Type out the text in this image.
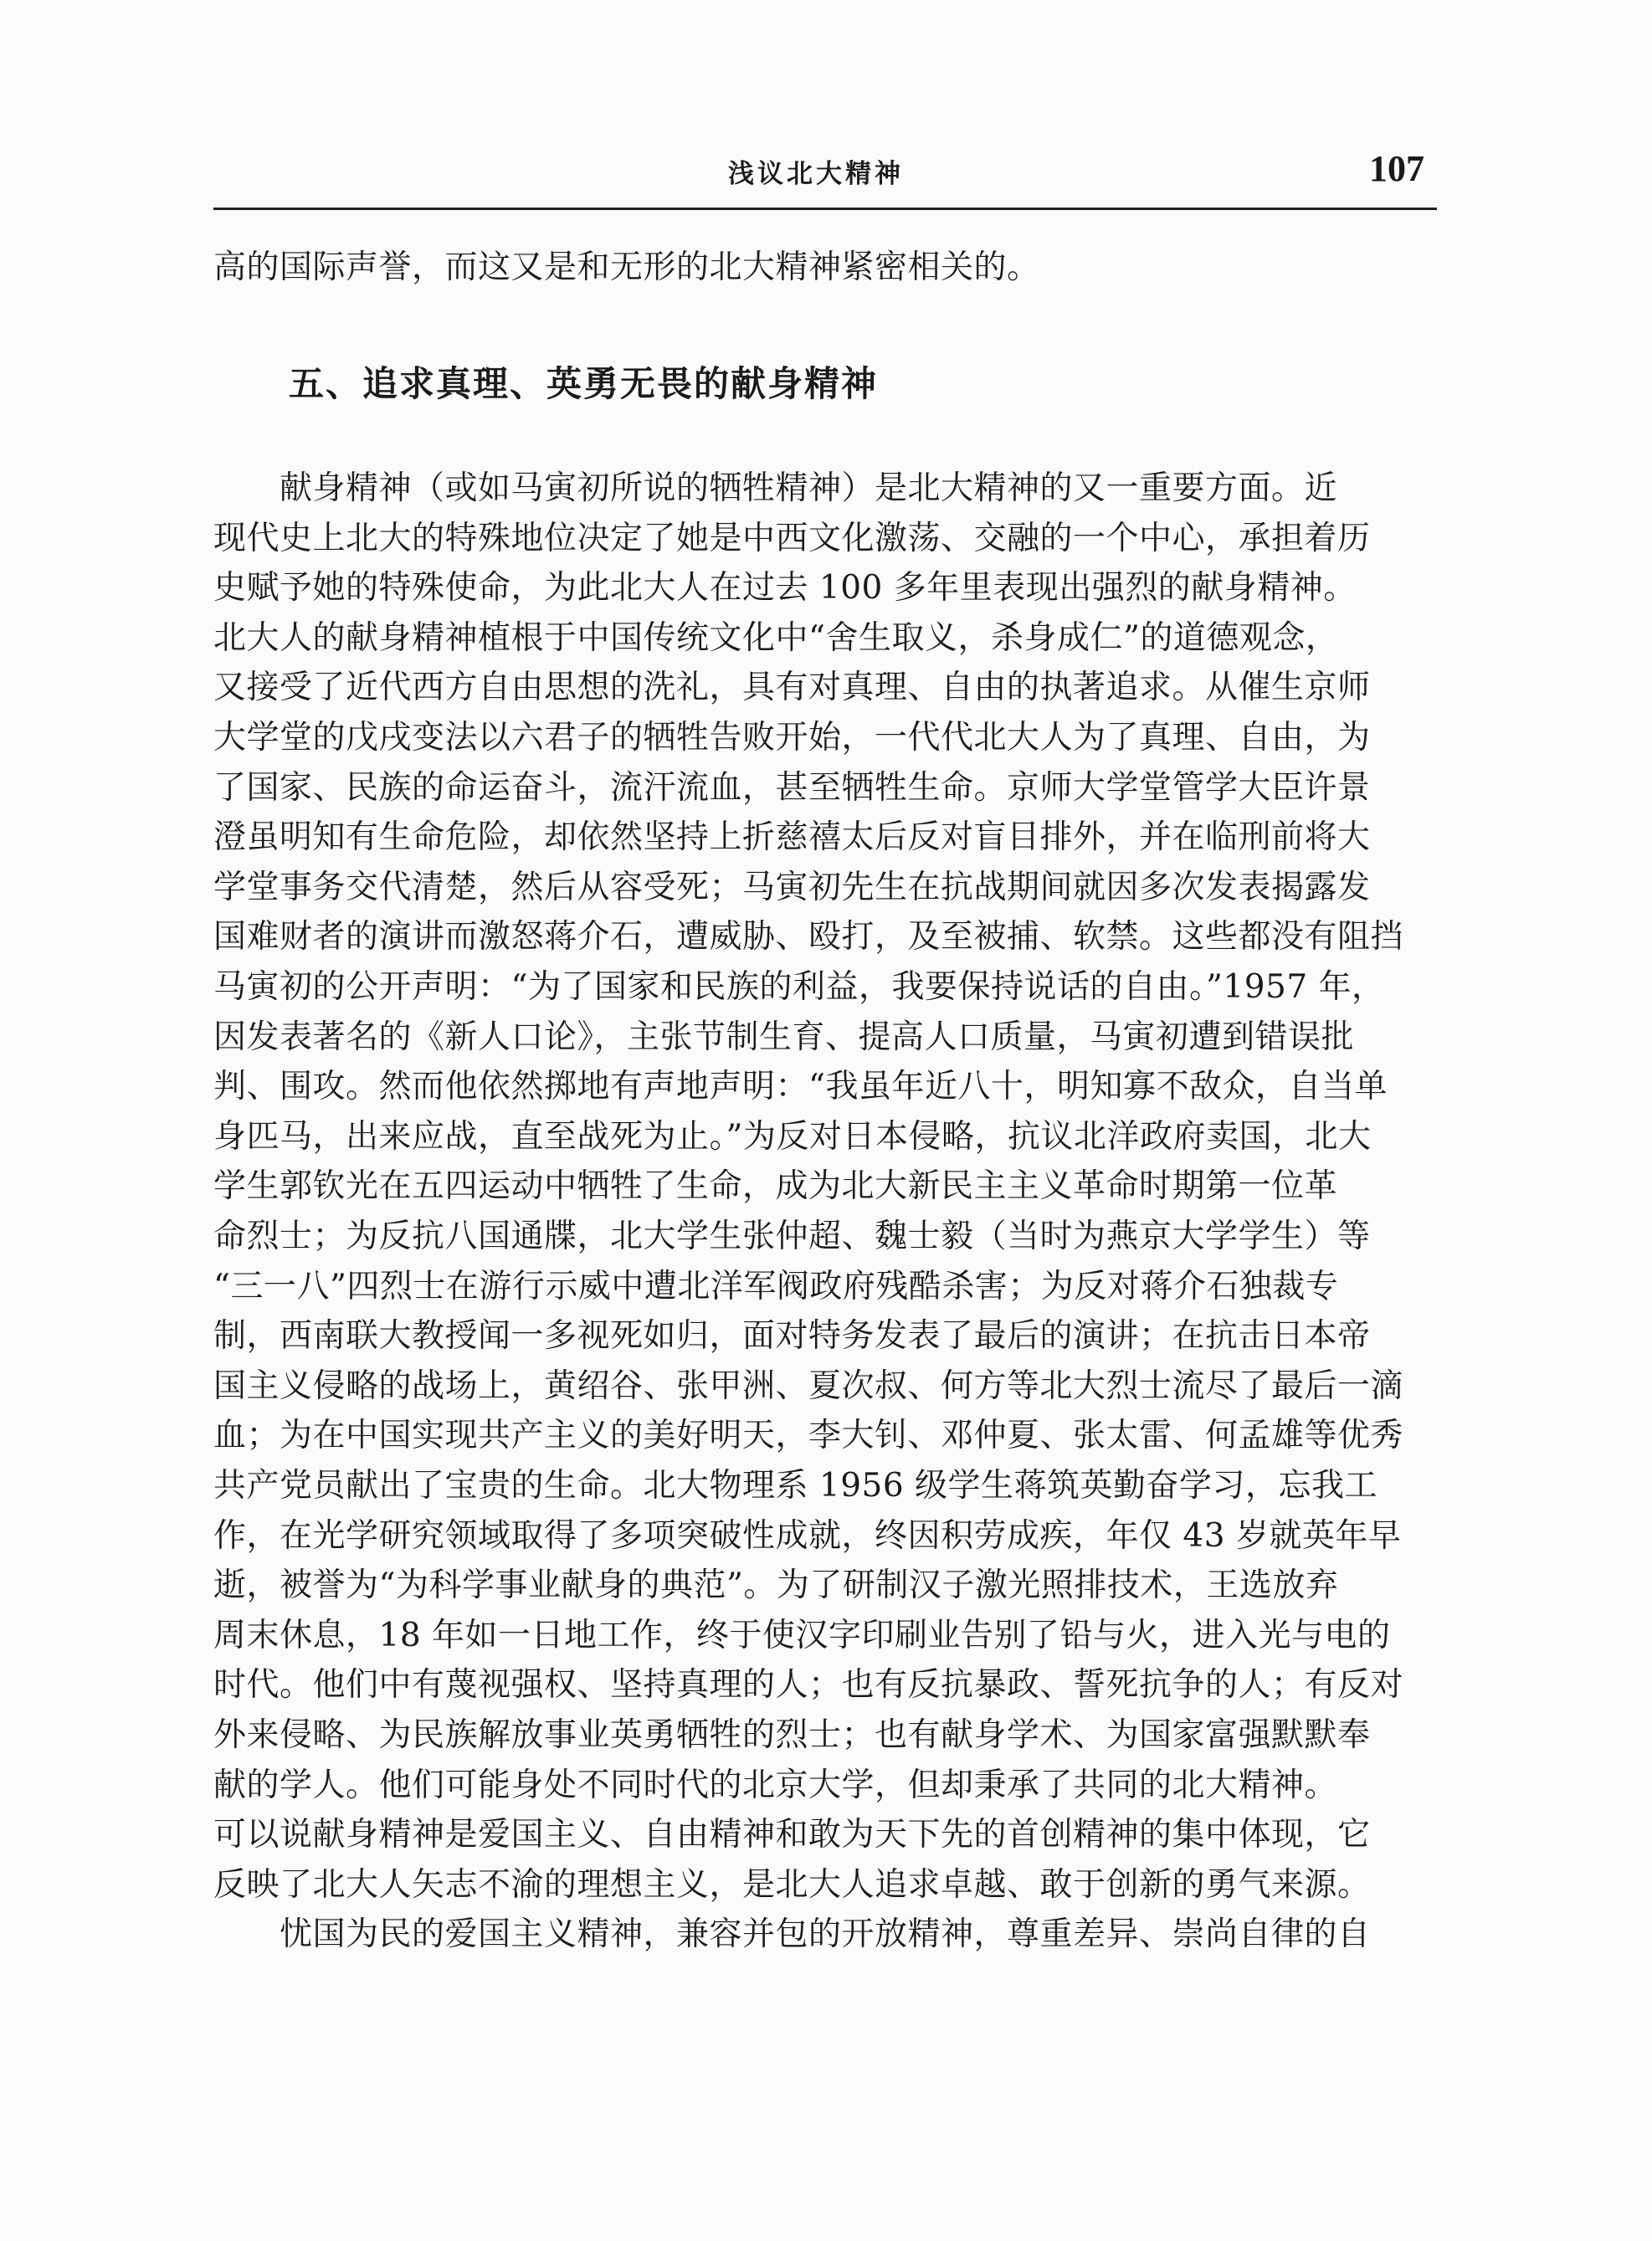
浅议北大精神	107
高的国际声誉，而这又是和无形的北大精神紧密相关的。
五、追求真理、英勇无畏的献身精神
　　献身精神（或如马寅初所说的牺牲精神）是北大精神的又一重要方面。近
现代史上北大的特殊地位决定了她是中西文化激荡、交融的一个中心，承担着历
史赋予她的特殊使命，为此北大人在过去 100 多年里表现出强烈的献身精神。
北大人的献身精神植根于中国传统文化中“舍生取义，杀身成仁”的道德观念，
又接受了近代西方自由思想的洗礼，具有对真理、自由的执著追求。从催生京师
大学堂的戊戌变法以六君子的牺牲告败开始，一代代北大人为了真理、自由，为
了国家、民族的命运奋斗，流汗流血，甚至牺牲生命。京师大学堂管学大臣许景
澄虽明知有生命危险，却依然坚持上折慈禧太后反对盲目排外，并在临刑前将大
学堂事务交代清楚，然后从容受死；马寅初先生在抗战期间就因多次发表揭露发
国难财者的演讲而激怒蒋介石，遭威胁、殴打，及至被捕、软禁。这些都没有阻挡
马寅初的公开声明：“为了国家和民族的利益，我要保持说话的自由。”1957 年，
因发表著名的《新人口论》，主张节制生育、提高人口质量，马寅初遭到错误批
判、围攻。然而他依然掷地有声地声明：“我虽年近八十，明知寡不敌众，自当单
身匹马，出来应战，直至战死为止。”为反对日本侵略，抗议北洋政府卖国，北大
学生郭钦光在五四运动中牺牲了生命，成为北大新民主主义革命时期第一位革
命烈士；为反抗八国通牒，北大学生张仲超、魏士毅（当时为燕京大学学生）等
“三一八”四烈士在游行示威中遭北洋军阀政府残酷杀害；为反对蒋介石独裁专
制，西南联大教授闻一多视死如归，面对特务发表了最后的演讲；在抗击日本帝
国主义侵略的战场上，黄绍谷、张甲洲、夏次叔、何方等北大烈士流尽了最后一滴
血；为在中国实现共产主义的美好明天，李大钊、邓仲夏、张太雷、何孟雄等优秀
共产党员献出了宝贵的生命。北大物理系 1956 级学生蒋筑英勤奋学习，忘我工
作，在光学研究领域取得了多项突破性成就，终因积劳成疾，年仅 43 岁就英年早
逝，被誉为“为科学事业献身的典范”。为了研制汉子激光照排技术，王选放弃
周末休息，18 年如一日地工作，终于使汉字印刷业告别了铅与火，进入光与电的
时代。他们中有蔑视强权、坚持真理的人；也有反抗暴政、誓死抗争的人；有反对
外来侵略、为民族解放事业英勇牺牲的烈士；也有献身学术、为国家富强默默奉
献的学人。他们可能身处不同时代的北京大学，但却秉承了共同的北大精神。
可以说献身精神是爱国主义、自由精神和敢为天下先的首创精神的集中体现，它
反映了北大人矢志不渝的理想主义，是北大人追求卓越、敢于创新的勇气来源。
　　忧国为民的爱国主义精神，兼容并包的开放精神，尊重差异、崇尚自律的自
